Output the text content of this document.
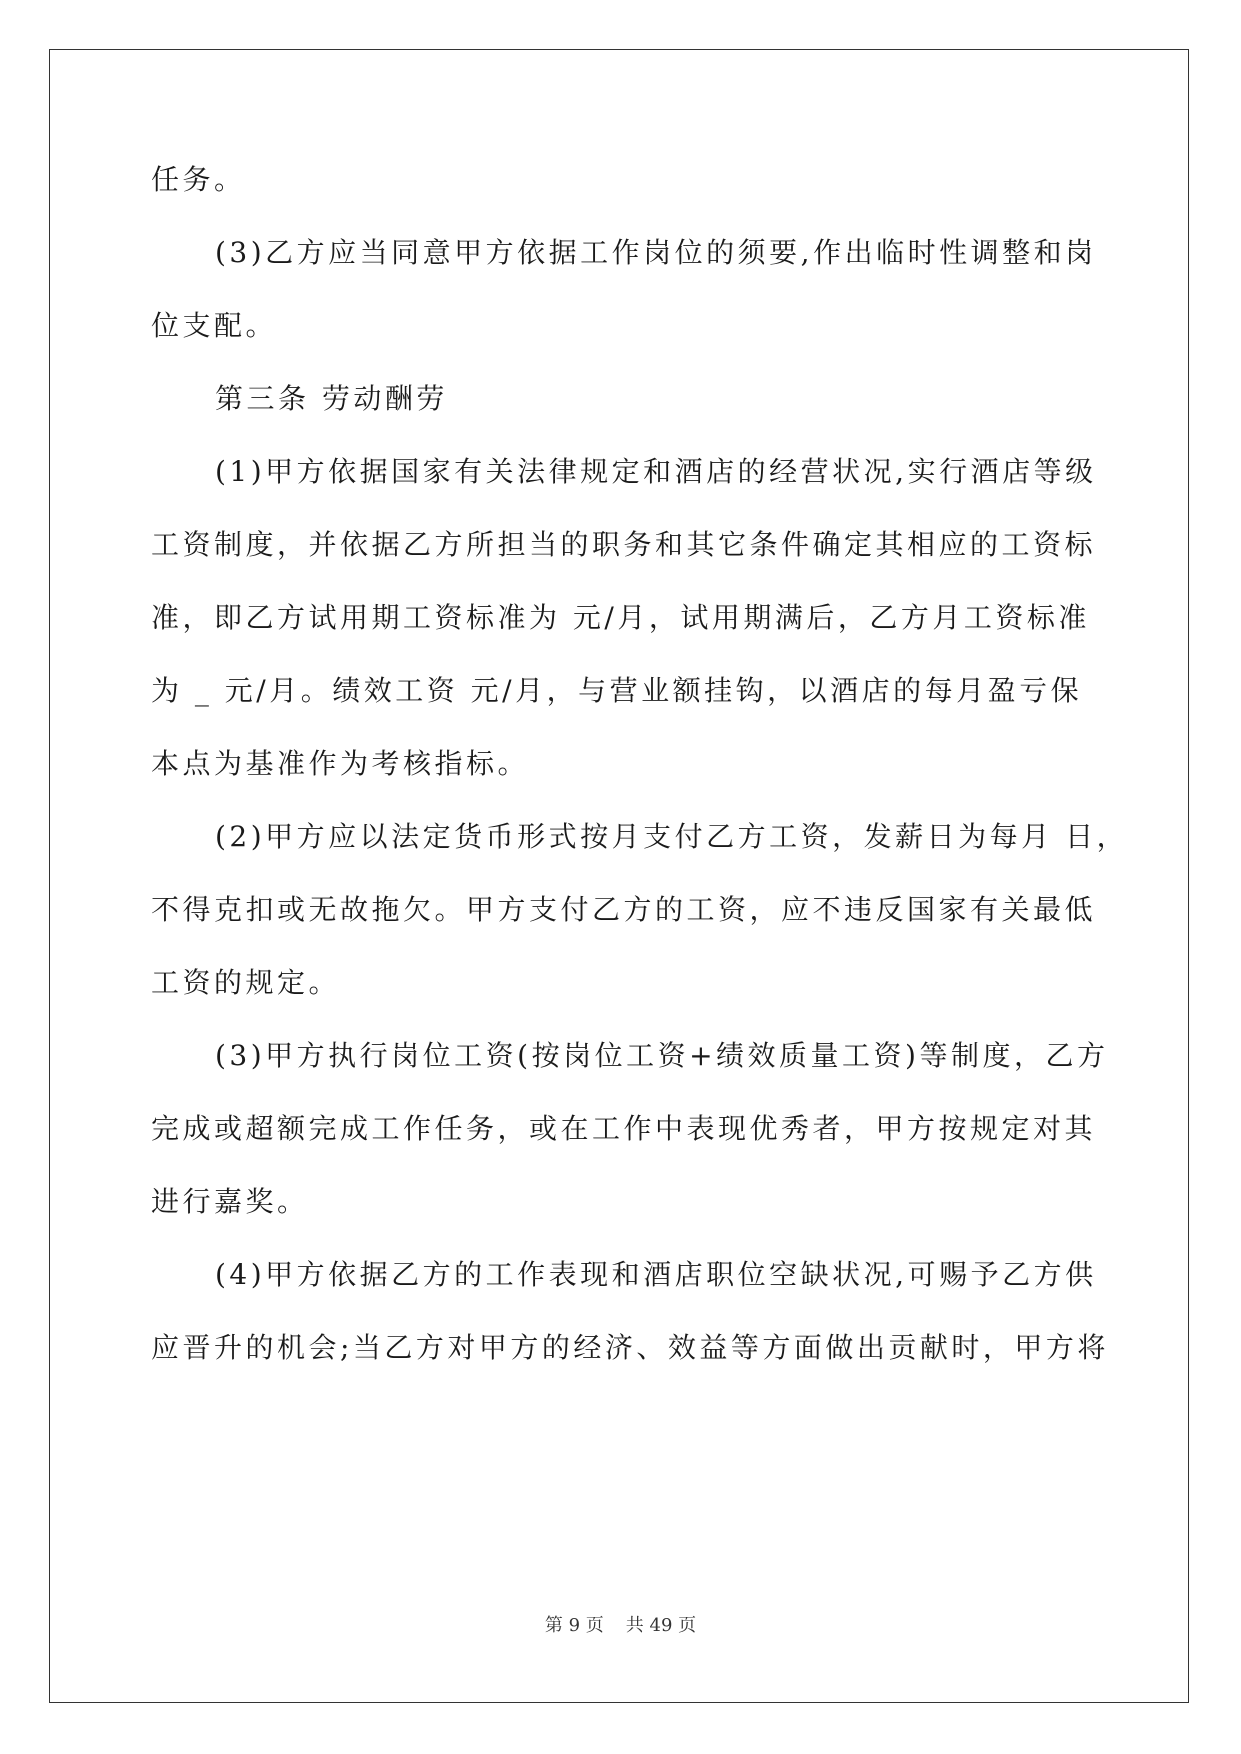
任务。
(3)乙方应当同意甲方依据工作岗位的须要,作出临时性调整和岗
位支配。
第三条 劳动酬劳
(1)甲方依据国家有关法律规定和酒店的经营状况,实行酒店等级
工资制度，并依据乙方所担当的职务和其它条件确定其相应的工资标
准，即乙方试用期工资标准为 元/月，试用期满后，乙方月工资标准
为 _ 元/月。绩效工资 元/月，与营业额挂钩，以酒店的每月盈亏保
本点为基准作为考核指标。
(2)甲方应以法定货币形式按月支付乙方工资，发薪日为每月 日，
不得克扣或无故拖欠。甲方支付乙方的工资，应不违反国家有关最低
工资的规定。
(3)甲方执行岗位工资(按岗位工资+绩效质量工资)等制度，乙方
完成或超额完成工作任务，或在工作中表现优秀者，甲方按规定对其
进行嘉奖。
(4)甲方依据乙方的工作表现和酒店职位空缺状况,可赐予乙方供
应晋升的机会;当乙方对甲方的经济、效益等方面做出贡献时，甲方将
第 9 页 共 49 页
